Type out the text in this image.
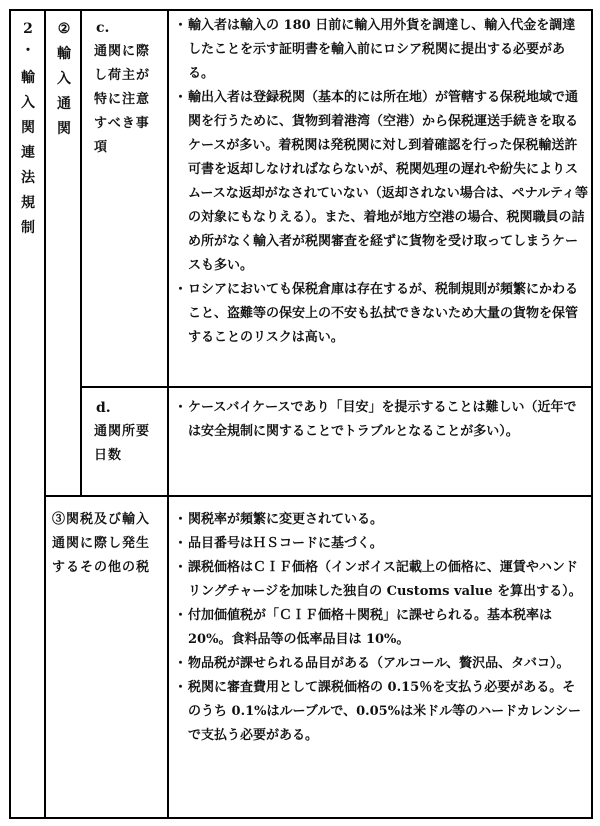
2
・
輸
入
関
連
法
規
制
②
輸
入
通
関
c.
通関に際
し荷主が
特に注意
すべき事
項
・ 輸入者は輸入の 180 日前に輸入用外貨を調達し、輸入代金を調達したことを示す証明書を輸入前にロシア税関に提出する必要がある。
・ 輸出入者は登録税関（基本的には所在地）が管轄する保税地域で通関を行うために、貨物到着港湾（空港）から保税運送手続きを取るケースが多い。着税関は発税関に対し到着確認を行った保税輸送許可書を返却しなければならないが、税関処理の遅れや紛失によりスムースな返却がなされていない（返却されない場合は、ペナルティ等の対象にもなりえる）。また、着地が地方空港の場合、税関職員の詰め所がなく輸入者が税関審査を経ずに貨物を受け取ってしまうケースも多い。
・ ロシアにおいても保税倉庫は存在するが、税制規則が頻繁にかわること、盗難等の保安上の不安も払拭できないため大量の貨物を保管することのリスクは高い。
d.
通関所要
日数
・ ケースバイケースであり「目安」を提示することは難しい（近年では安全規制に関することでトラブルとなることが多い）。
③関税及び輸入
通関に際し発生
するその他の税
・ 関税率が頻繁に変更されている。
・ 品目番号はＨＳコードに基づく。
・ 課税価格はＣＩＦ価格（インボイス記載上の価格に、運賃やハンドリングチャージを加味した独自の Customs value を算出する）。
・ 付加価値税が「ＣＩＦ価格＋関税」に課せられる。基本税率は 20%。食料品等の低率品目は 10%。
・ 物品税が課せられる品目がある（アルコール、贅沢品、タバコ）。
・ 税関に審査費用として課税価格の 0.15％を支払う必要がある。そのうち 0.1%はルーブルで、0.05%は米ドル等のハードカレンシーで支払う必要がある。
